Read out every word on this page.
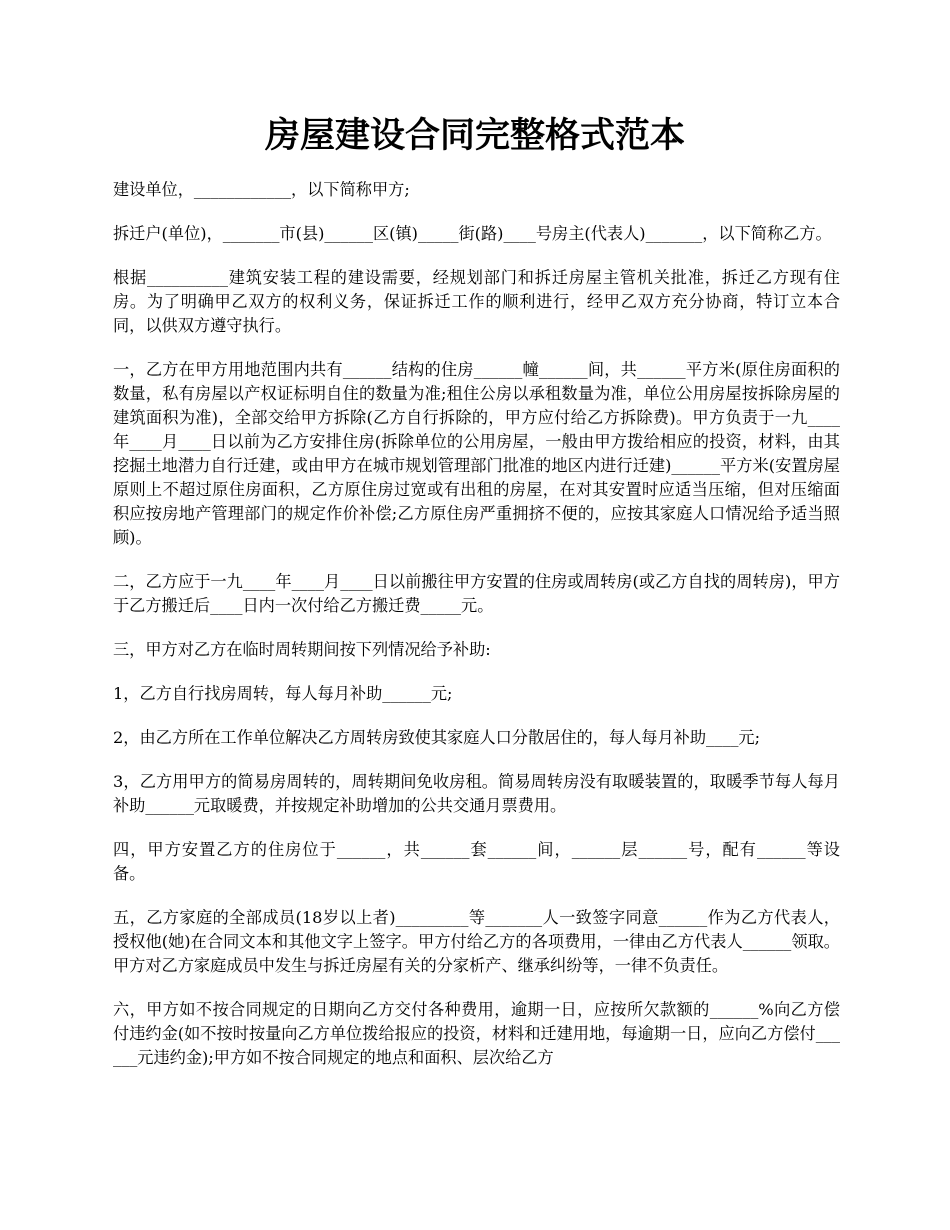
房屋建设合同完整格式范本

建设单位，____________，以下简称甲方;

拆迁户(单位)，_______市(县)______区(镇)_____街(路)____号房主(代表人)_______，以下简称乙方。

根据__________建筑安装工程的建设需要，经规划部门和拆迁房屋主管机关批准，拆迁乙方现有住房。为了明确甲乙双方的权利义务，保证拆迁工作的顺利进行，经甲乙双方充分协商，特订立本合同，以供双方遵守执行。

一，乙方在甲方用地范围内共有______结构的住房______幢______间，共______平方米(原住房面积的数量，私有房屋以产权证标明自住的数量为准;租住公房以承租数量为准，单位公用房屋按拆除房屋的建筑面积为准)，全部交给甲方拆除(乙方自行拆除的，甲方应付给乙方拆除费)。甲方负责于一九____年____月____日以前为乙方安排住房(拆除单位的公用房屋，一般由甲方拨给相应的投资，材料，由其挖掘土地潜力自行迁建，或由甲方在城市规划管理部门批准的地区内进行迁建)______平方米(安置房屋原则上不超过原住房面积，乙方原住房过宽或有出租的房屋，在对其安置时应适当压缩，但对压缩面积应按房地产管理部门的规定作价补偿;乙方原住房严重拥挤不便的，应按其家庭人口情况给予适当照顾)。

二，乙方应于一九____年____月____日以前搬往甲方安置的住房或周转房(或乙方自找的周转房)，甲方于乙方搬迁后____日内一次付给乙方搬迁费_____元。

三，甲方对乙方在临时周转期间按下列情况给予补助:

1，乙方自行找房周转，每人每月补助______元;

2，由乙方所在工作单位解决乙方周转房致使其家庭人口分散居住的，每人每月补助____元;

3，乙方用甲方的简易房周转的，周转期间免收房租。简易周转房没有取暖装置的，取暖季节每人每月补助______元取暖费，并按规定补助增加的公共交通月票费用。

四，甲方安置乙方的住房位于______，共______套______间，______层______号，配有______等设备。

五，乙方家庭的全部成员(18岁以上者)_________等_______人一致签字同意______作为乙方代表人，授权他(她)在合同文本和其他文字上签字。甲方付给乙方的各项费用，一律由乙方代表人______领取。甲方对乙方家庭成员中发生与拆迁房屋有关的分家析产、继承纠纷等，一律不负责任。

六，甲方如不按合同规定的日期向乙方交付各种费用，逾期一日，应按所欠款额的______%向乙方偿付违约金(如不按时按量向乙方单位拨给报应的投资，材料和迁建用地，每逾期一日，应向乙方偿付______元违约金);甲方如不按合同规定的地点和面积、层次给乙方
